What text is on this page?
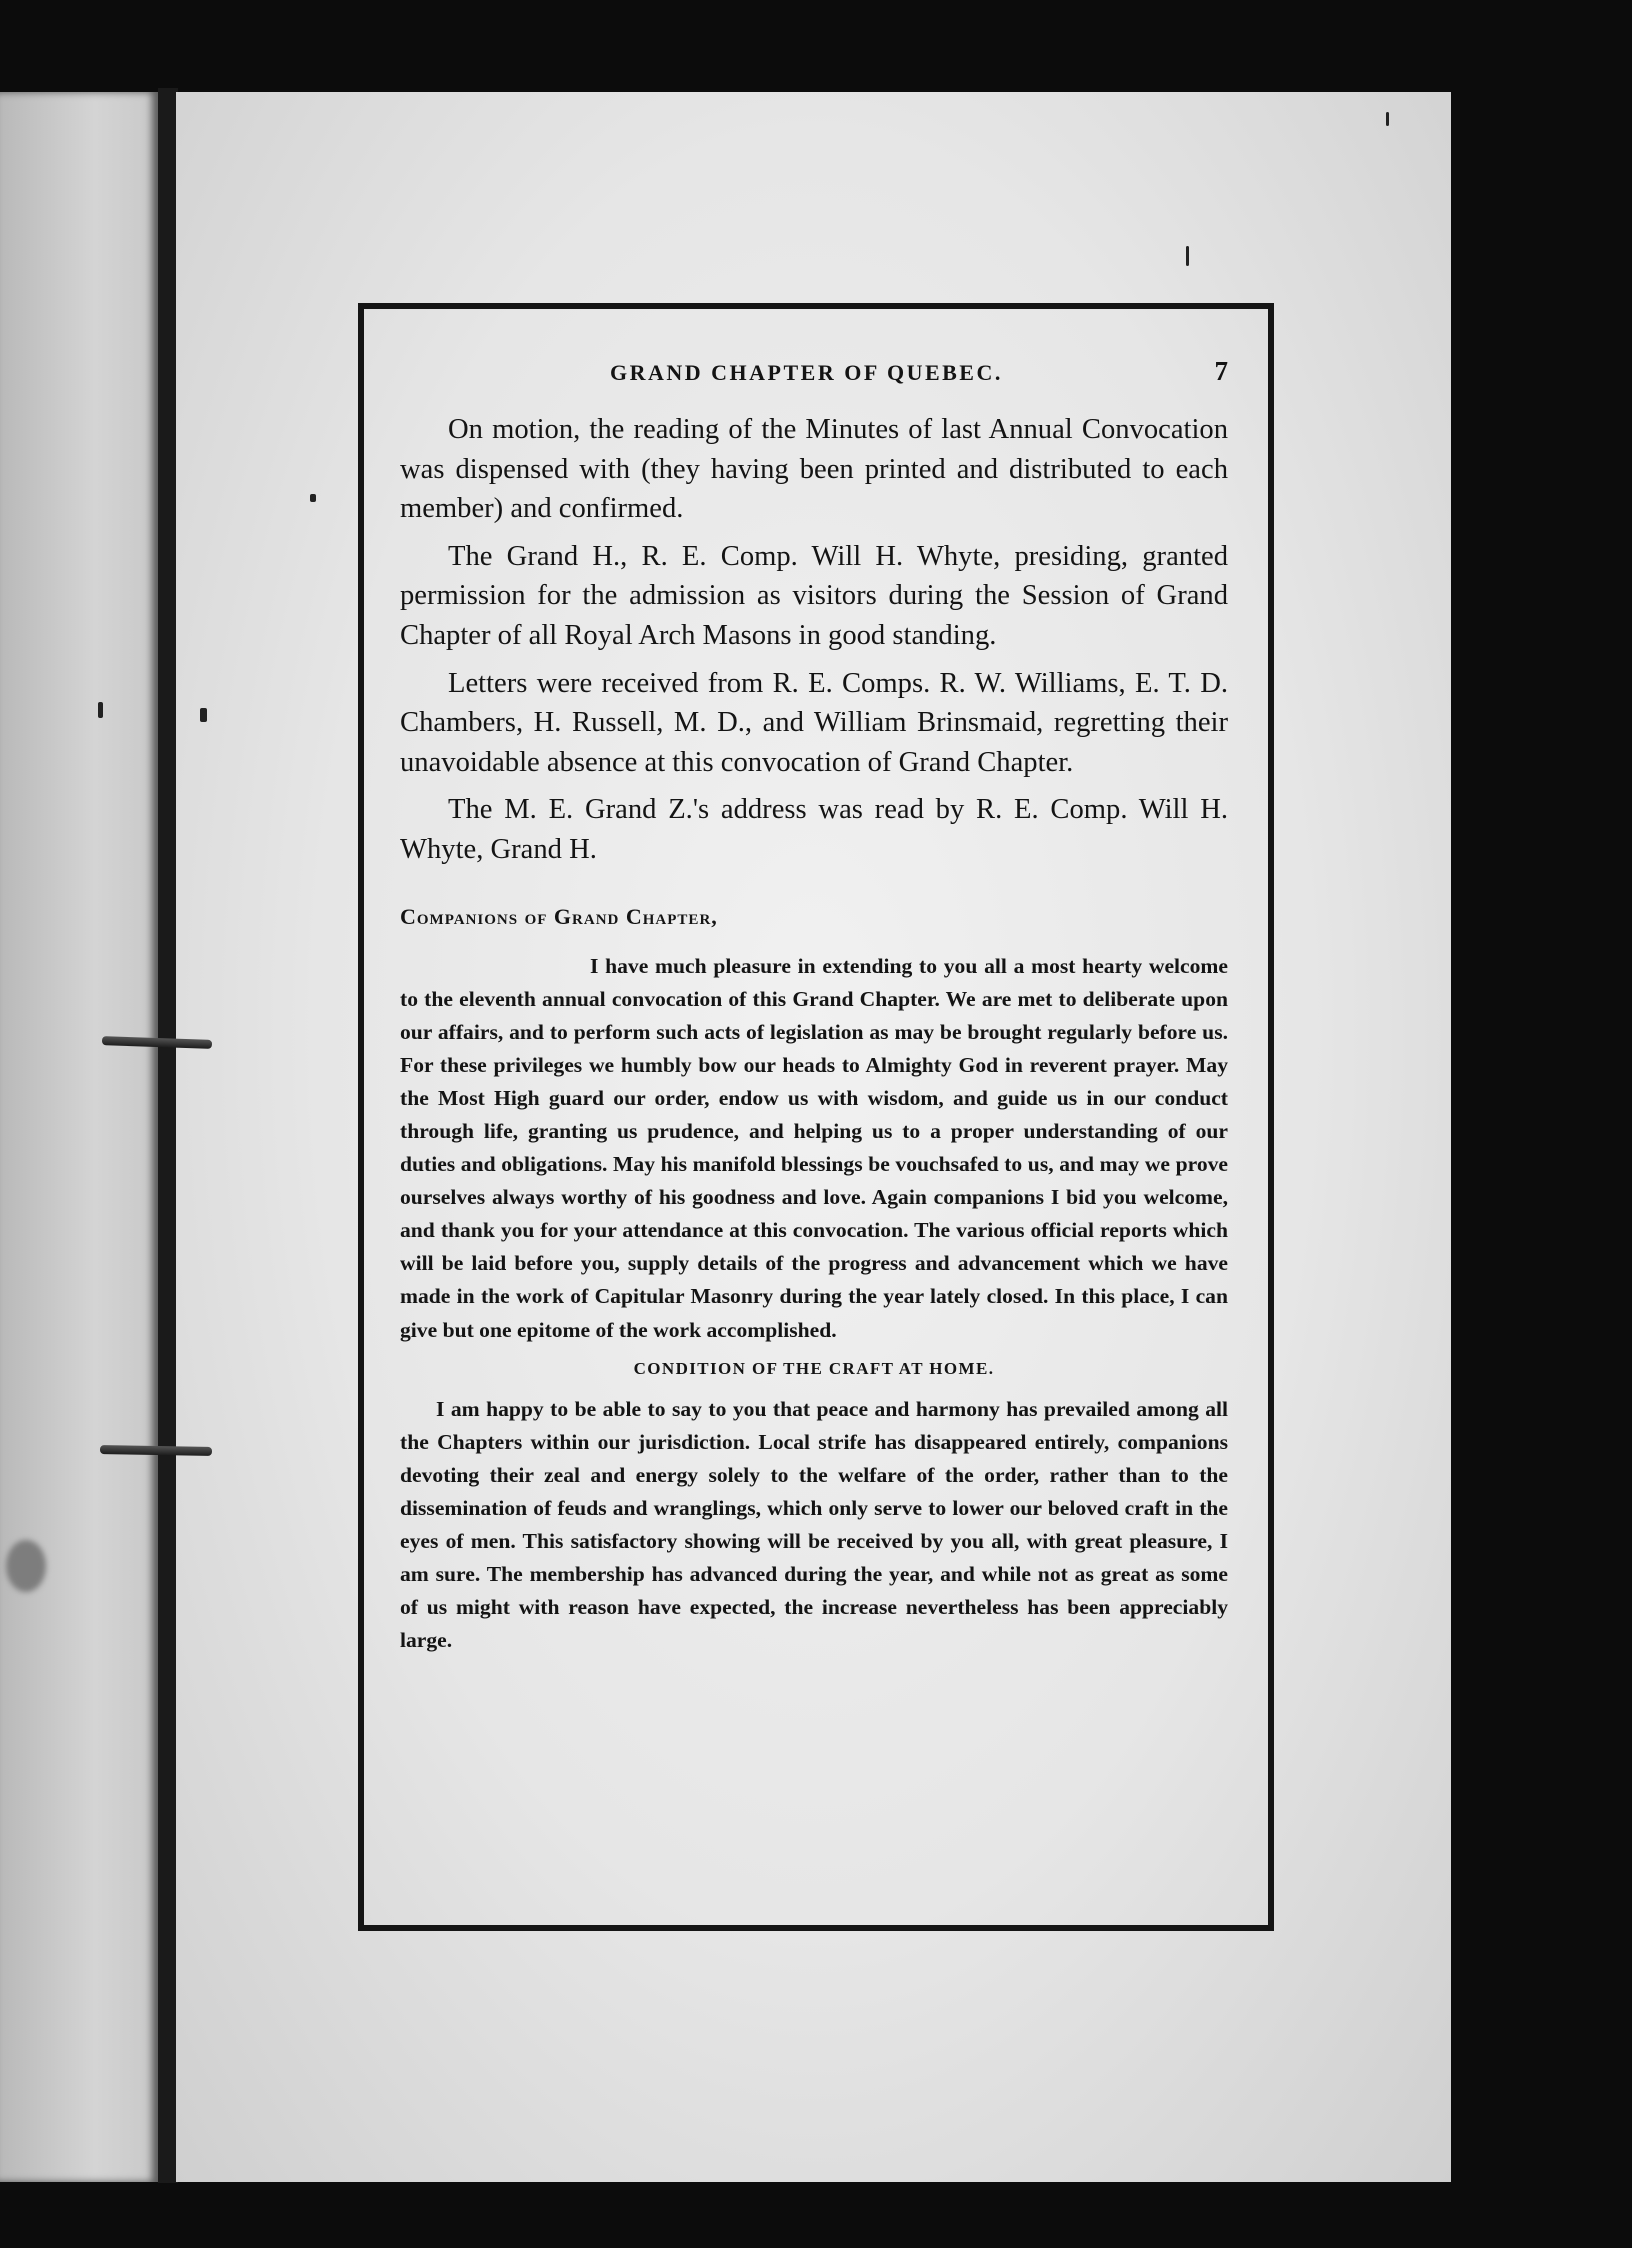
GRAND CHAPTER OF QUEBEC.	7

On motion, the reading of the Minutes of last Annual Convocation was dispensed with (they having been printed and distributed to each member) and confirmed.

The Grand H., R. E. Comp. Will H. Whyte, presiding, granted permission for the admission as visitors during the Session of Grand Chapter of all Royal Arch Masons in good standing.

Letters were received from R. E. Comps. R. W. Williams, E. T. D. Chambers, H. Russell, M. D., and William Brinsmaid, regretting their unavoidable absence at this convocation of Grand Chapter.

The M. E. Grand Z.'s address was read by R. E. Comp. Will H. Whyte, Grand H.

Companions of Grand Chapter,

I have much pleasure in extending to you all a most hearty welcome to the eleventh annual convocation of this Grand Chapter. We are met to deliberate upon our affairs, and to perform such acts of legislation as may be brought regularly before us. For these privileges we humbly bow our heads to Almighty God in reverent prayer. May the Most High guard our order, endow us with wisdom, and guide us in our conduct through life, granting us prudence, and helping us to a proper understanding of our duties and obligations. May his manifold blessings be vouchsafed to us, and may we prove ourselves always worthy of his goodness and love. Again companions I bid you welcome, and thank you for your attendance at this convocation. The various official reports which will be laid before you, supply details of the progress and advancement which we have made in the work of Capitular Masonry during the year lately closed. In this place, I can give but one epitome of the work accomplished.

CONDITION OF THE CRAFT AT HOME.

I am happy to be able to say to you that peace and harmony has prevailed among all the Chapters within our jurisdiction. Local strife has disappeared entirely, companions devoting their zeal and energy solely to the welfare of the order, rather than to the dissemination of feuds and wranglings, which only serve to lower our beloved craft in the eyes of men. This satisfactory showing will be received by you all, with great pleasure, I am sure. The membership has advanced during the year, and while not as great as some of us might with reason have expected, the increase nevertheless has been appreciably large.
